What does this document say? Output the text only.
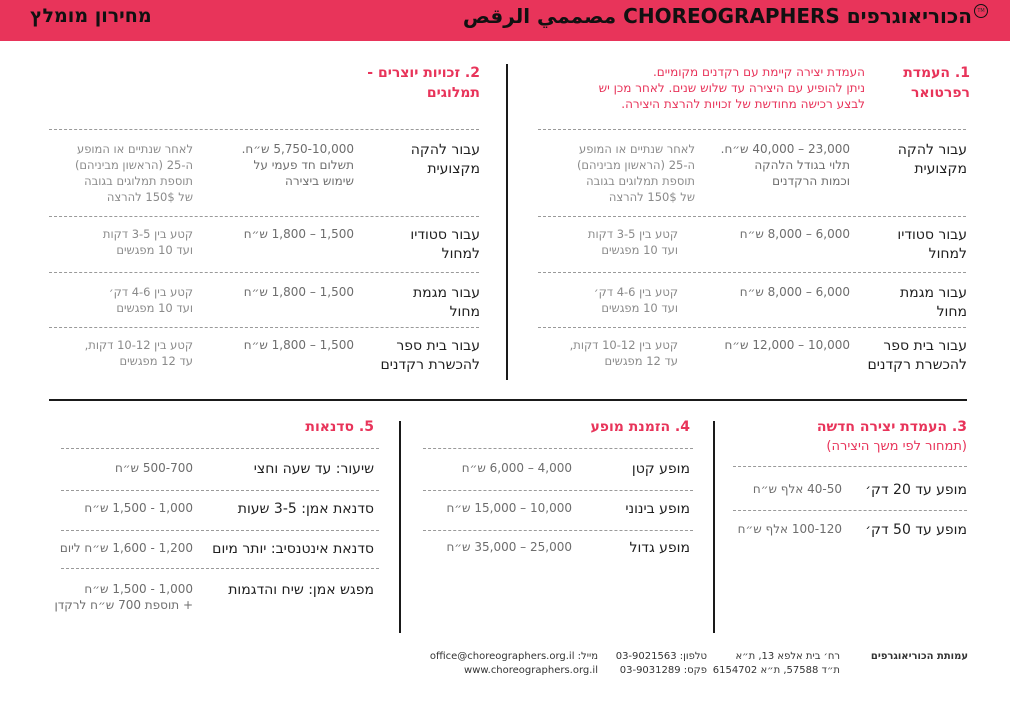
מחירון מומלץ	הכוריאוגרפים CHOREOGRAPHERS مصممي الرقص	TM
1. העמדת רפרטואר
העמדת יצירה קיימת עם רקדנים מקומיים.
ניתן להופיע עם היצירה עד שלוש שנים. לאחר מכן יש
לבצע רכישה מחודשת של זכויות להרצת היצירה.
עבור להקה
מקצועית
23,000 – 40,000 ש״ח.
תלוי בגודל הלהקה
וכמות הרקדנים
לאחר שנתיים או המופע
ה-25 (הראשון מביניהם)
תוספת תמלוגים בגובה
של 150$ להרצה
עבור סטודיו
למחול
6,000 – 8,000 ש״ח
קטע בין 3-5 דקות
ועד 10 מפגשים
עבור מגמת
מחול
6,000 – 8,000 ש״ח
קטע בין 4-6 דק׳
ועד 10 מפגשים
עבור בית ספר
להכשרת רקדנים
10,000 – 12,000 ש״ח
קטע בין 10-12 דקות,
עד 12 מפגשים
2. זכויות יוצרים -
תמלוגים
עבור להקה
מקצועית
5,750-10,000 ש״ח.
תשלום חד פעמי על
שימוש ביצירה
לאחר שנתיים או המופע
ה-25 (הראשון מביניהם)
תוספת תמלוגים בגובה
של 150$ להרצה
עבור סטודיו
למחול
1,500 – 1,800 ש״ח
קטע בין 3-5 דקות
ועד 10 מפגשים
עבור מגמת
מחול
1,500 – 1,800 ש״ח
קטע בין 4-6 דק׳
ועד 10 מפגשים
עבור בית ספר
להכשרת רקדנים
1,500 – 1,800 ש״ח
קטע בין 10-12 דקות,
עד 12 מפגשים
3. העמדת יצירה חדשה
(תמחור לפי משך היצירה)
מופע עד 20 דק׳
40-50 אלף ש״ח
מופע עד 50 דק׳
100-120 אלף ש״ח
4. הזמנת מופע
מופע קטן
4,000 – 6,000 ש״ח
מופע בינוני
10,000 – 15,000 ש״ח
מופע גדול
25,000 – 35,000 ש״ח
5. סדנאות
שיעור: עד שעה וחצי
500-700 ש״ח
סדנאת אמן: 3-5 שעות
1,000 - 1,500 ש״ח
סדנאת אינטנסיב: יותר מיום
1,200 - 1,600 ש״ח ליום
מפגש אמן: שיח והדגמות
1,000 - 1,500 ש״ח
+ תוספת 700 ש״ח לרקדן
עמותת הכוריאוגרפים
רח׳ בית אלפא 13, ת״א
ת״ד 57588, ת״א 6154702
טלפון: 03-9021563
פקס: 03-9031289
מייל: office@choreographers.org.il
www.choreographers.org.il
